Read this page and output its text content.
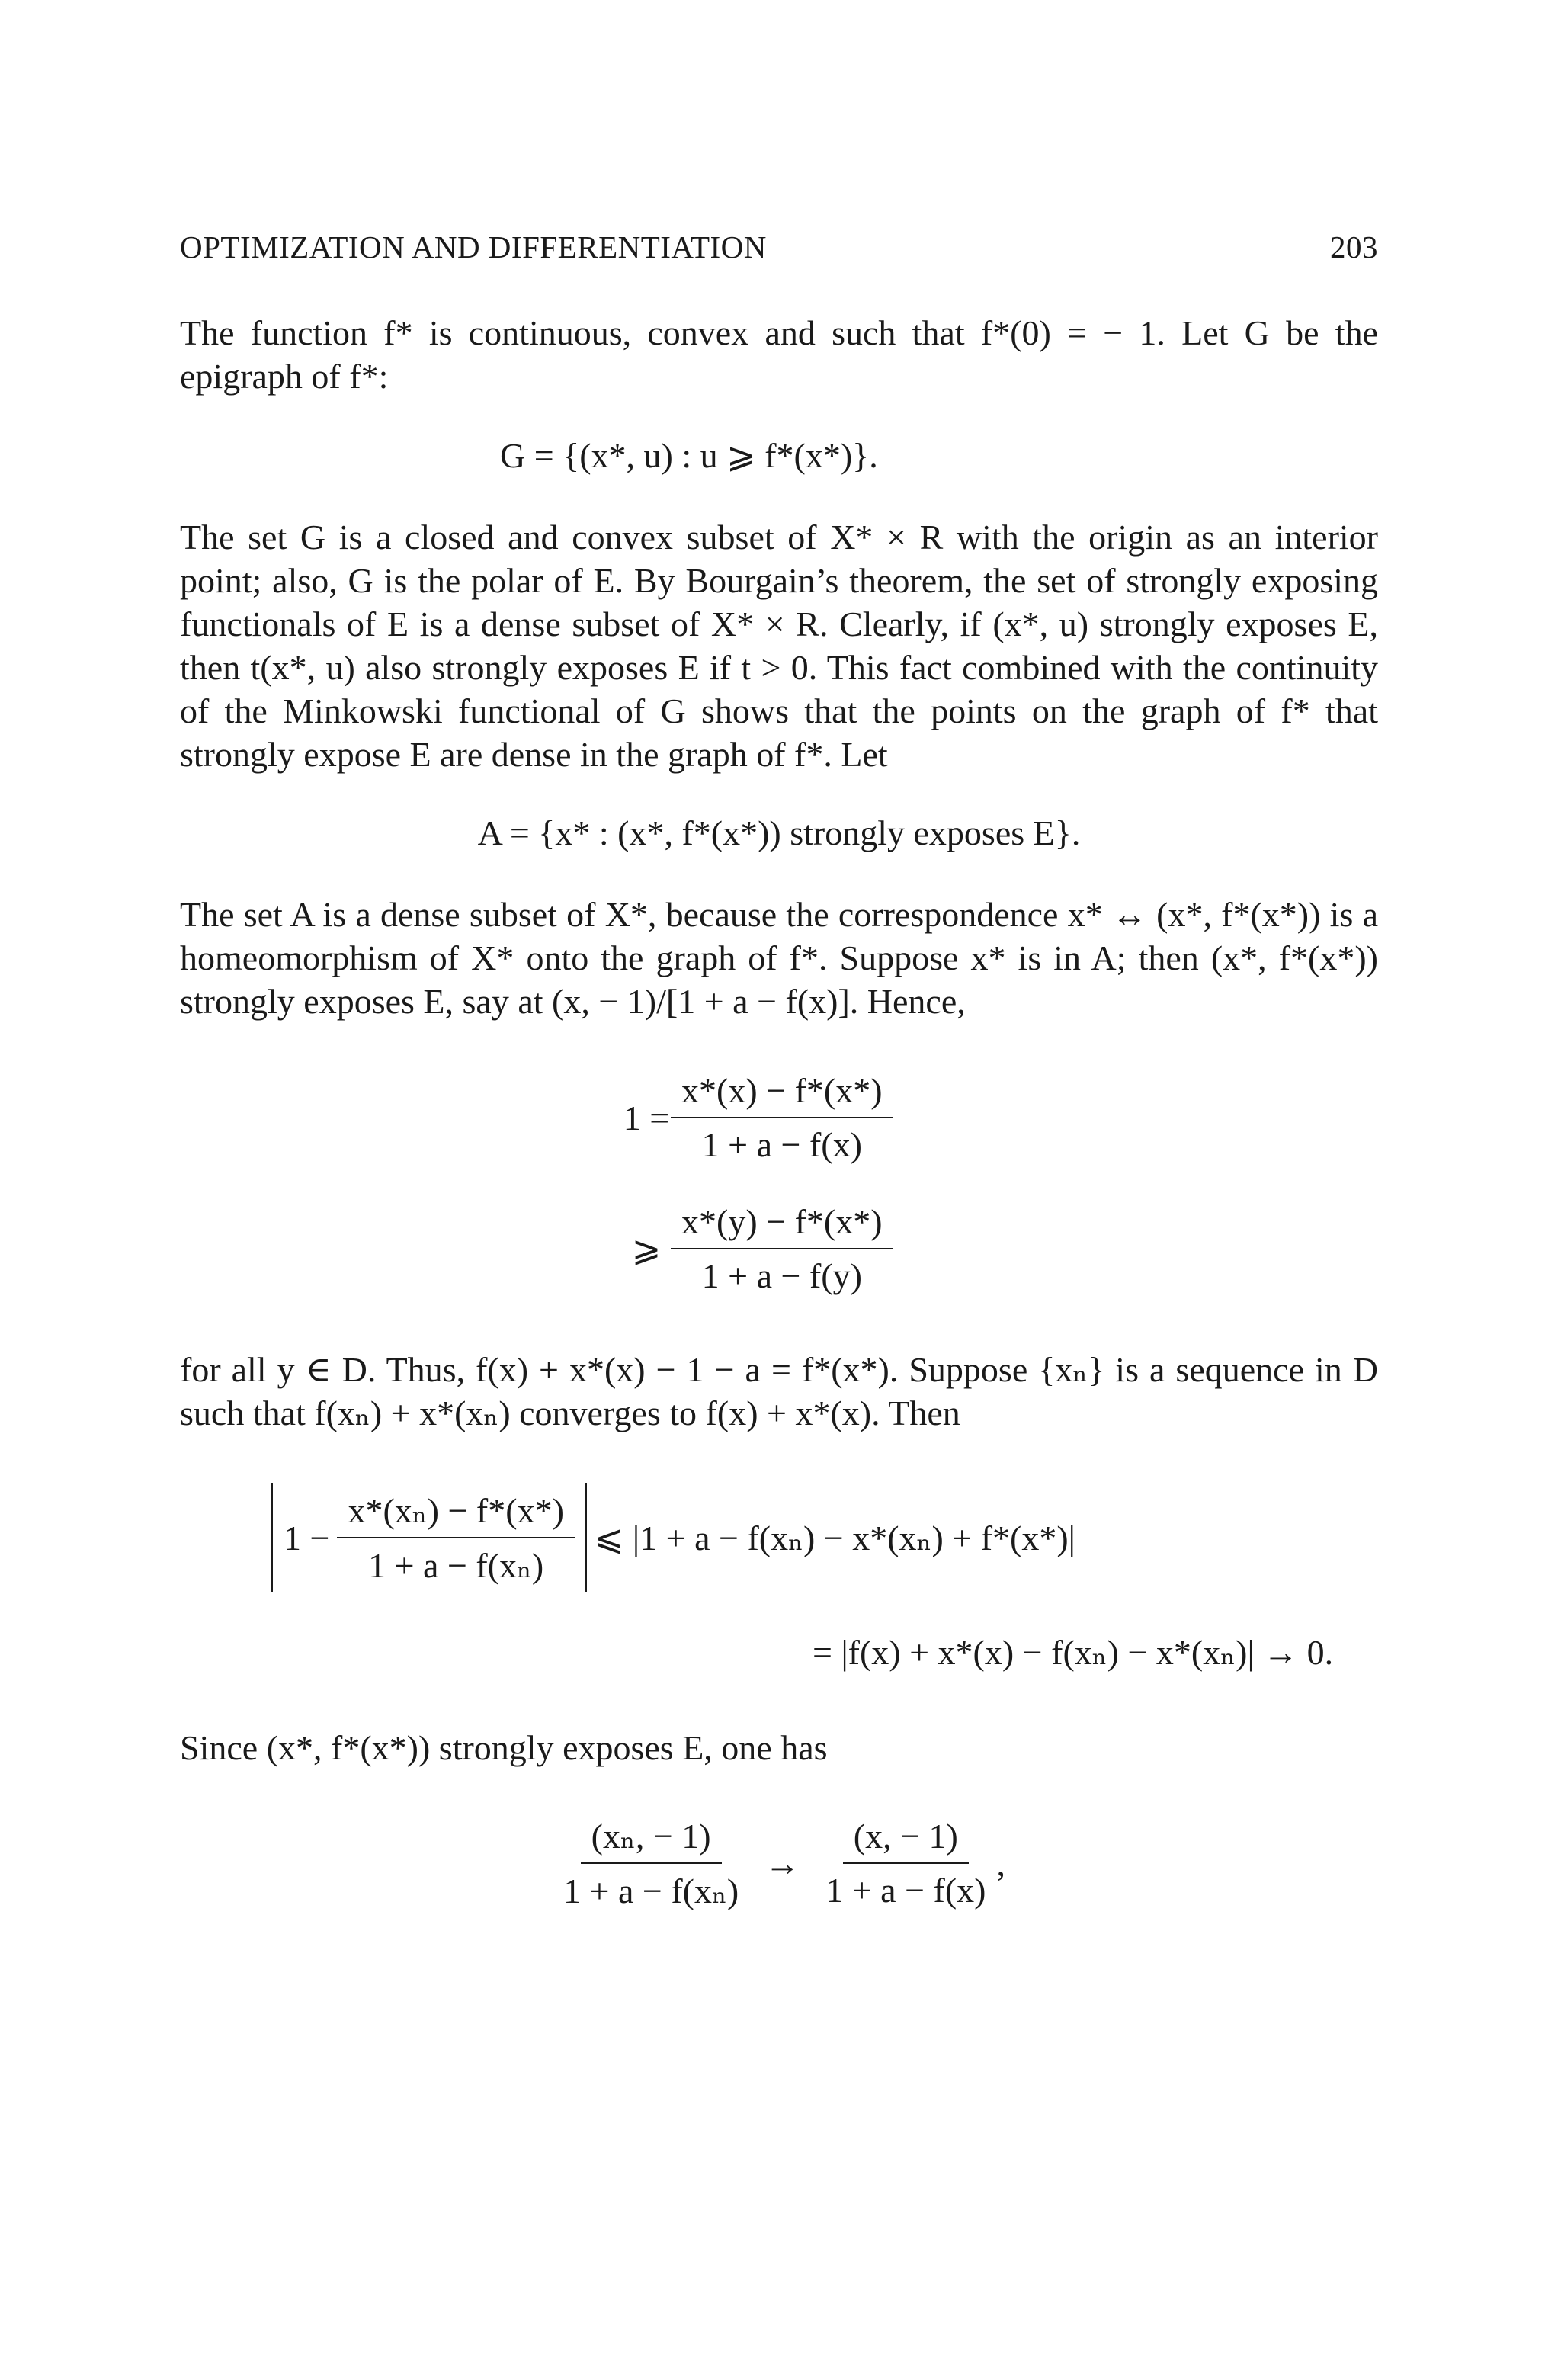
OPTIMIZATION AND DIFFERENTIATION	203

The function f* is continuous, convex and such that f*(0) = − 1. Let G be the epigraph of f*:

G = {(x*, u) : u ⩾ f*(x*)}.

The set G is a closed and convex subset of X* × R with the origin as an interior point; also, G is the polar of E. By Bourgain’s theorem, the set of strongly exposing functionals of E is a dense subset of X* × R. Clearly, if (x*, u) strongly exposes E, then t(x*, u) also strongly exposes E if t > 0. This fact combined with the continuity of the Minkowski functional of G shows that the points on the graph of f* that strongly expose E are dense in the graph of f*. Let

A = {x* : (x*, f*(x*)) strongly exposes E}.

The set A is a dense subset of X*, because the correspondence x* ↔ (x*, f*(x*)) is a homeomorphism of X* onto the graph of f*. Suppose x* is in A; then (x*, f*(x*)) strongly exposes E, say at (x, − 1)/[1 + a − f(x)]. Hence,

$1 = \frac{x*(x) - f*(x*)}{1 + a - f(x)}$
⩾ $\frac{x*(y) - f*(x*)}{1 + a - f(y)}$

for all y ∈ D. Thus, f(x) + x*(x) − 1 − a = f*(x*). Suppose {xₙ} is a sequence in D such that f(xₙ) + x*(xₙ) converges to f(x) + x*(x). Then

$1 - \frac{\text{x*(xₙ) − f*(x*)}}{\text{1 + a − f(xₙ)}}$ ⩽ |1 + a − f(xₙ) − x*(xₙ) + f*(x*)|
= |f(x) + x*(x) − f(xₙ) − x*(xₙ)| → 0.

Since (x*, f*(x*)) strongly exposes E, one has

$\frac{\text{(xₙ, − 1)}}{\text{1 + a − f(xₙ)}} \to \frac{(x, - 1)}{1 + a - f(x)}$ ,
